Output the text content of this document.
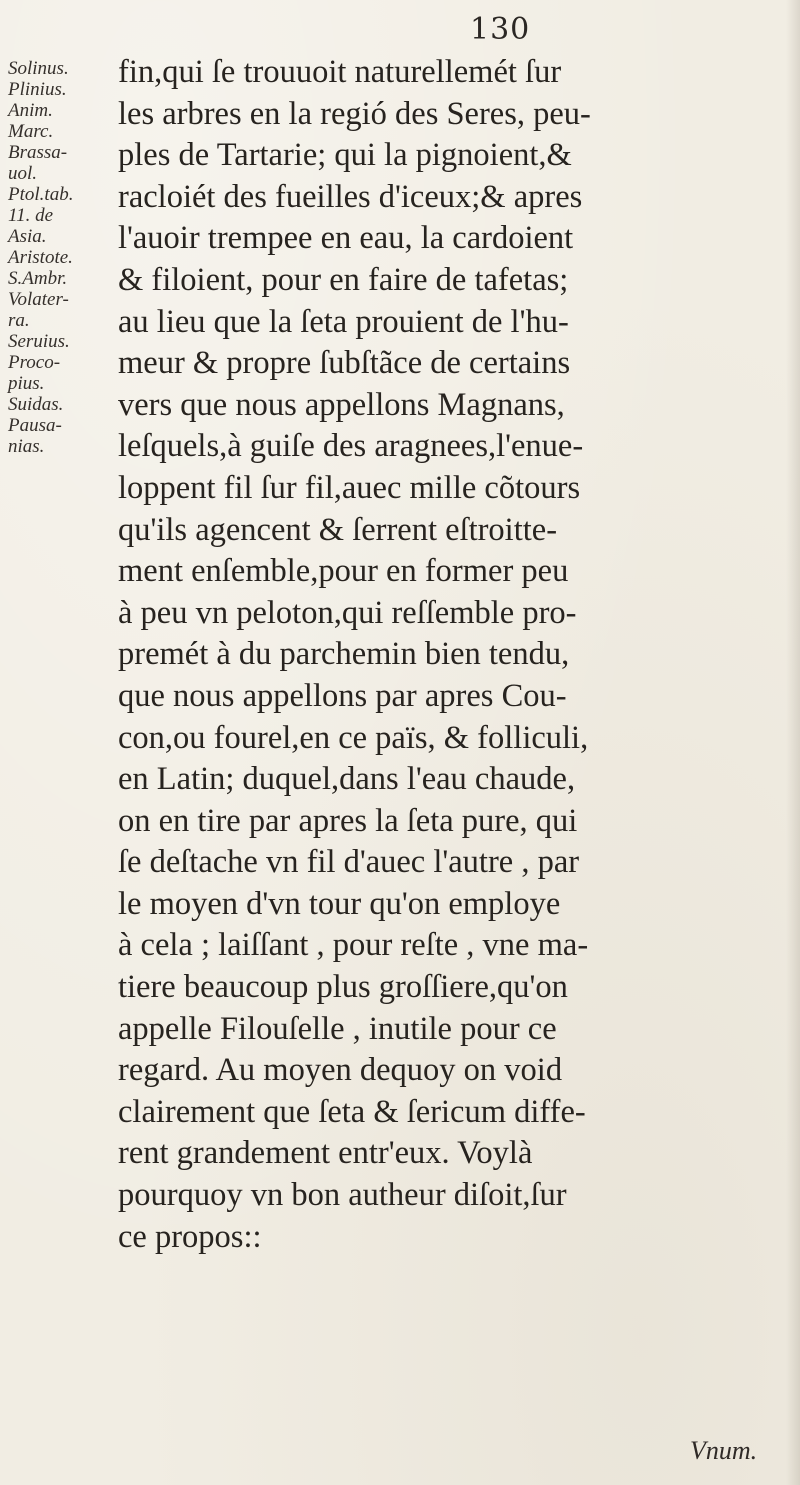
130
Solinus.
Plinius.
Anim.
Marc.
Brassa-
uol.
Ptol.tab.
11. de
Asia.
Aristote.
S.Ambr.
Volater-
ra.
Seruius.
Proco-
pius.
Suidas.
Pausa-
nias.
fin,qui ſe trouuoit naturellemét ſur
les arbres en la regió des Seres, peu-
ples de Tartarie; qui la pignoient,&
racloiét des fueilles d'iceux;& apres
l'auoir trempee en eau, la cardoient
& filoient, pour en faire de tafetas;
au lieu que la ſeta prouient de l'hu-
meur & propre ſubſtãce de certains
vers que nous appellons Magnans,
leſquels,à guiſe des aragnees,l'enue-
loppent fil ſur fil,auec mille cõtours
qu'ils agencent & ſerrent eſtroitte-
ment enſemble,pour en former peu
à peu vn peloton,qui reſſemble pro-
premét à du parchemin bien tendu,
que nous appellons par apres Cou-
con,ou fourel,en ce païs, & folliculi,
en Latin; duquel,dans l'eau chaude,
on en tire par apres la ſeta pure, qui
ſe deſtache vn fil d'auec l'autre , par
le moyen d'vn tour qu'on employe
à cela ; laiſſant , pour reſte , vne ma-
tiere beaucoup plus groſſiere,qu'on
appelle Filouſelle , inutile pour ce
regard. Au moyen dequoy on void
clairement que ſeta & ſericum diffe-
rent grandement entr'eux. Voylà
pourquoy vn bon autheur diſoit,ſur
ce propos::
Vnum.
